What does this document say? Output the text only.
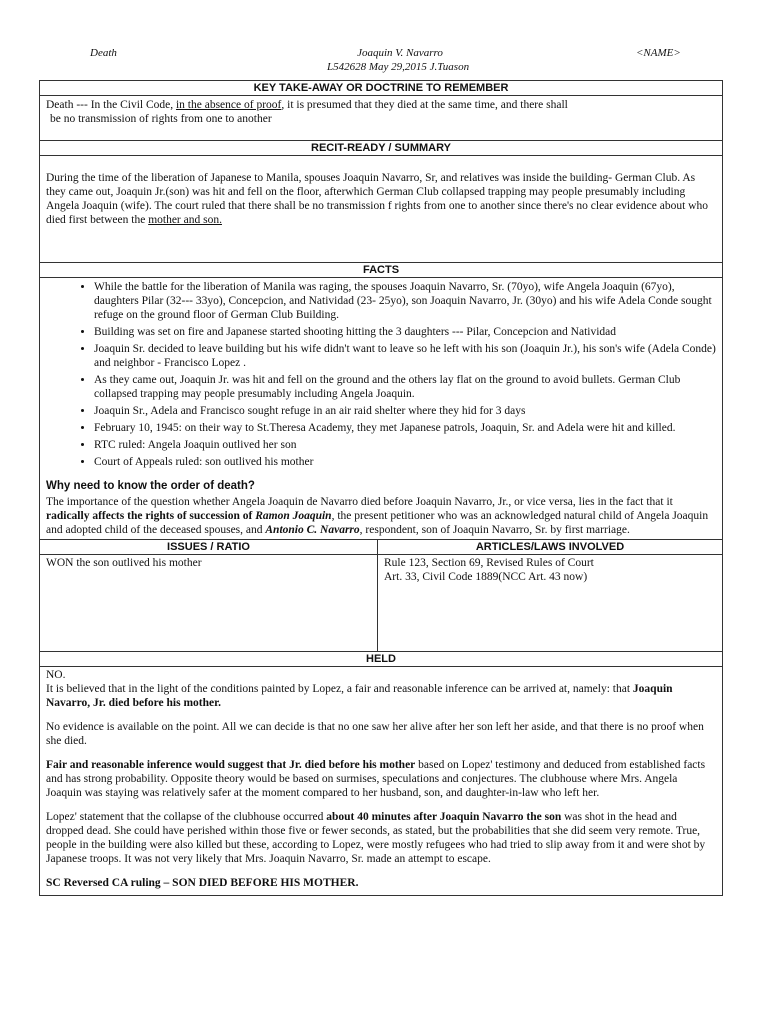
Death	Joaquin V. Navarro	<NAME>
L542628 May 29,2015 J.Tuason
KEY TAKE-AWAY OR DOCTRINE TO REMEMBER

Death --- In the Civil Code, in the absence of proof, it is presumed that they died at the same time, and there shall

be no transmission of rights from one to another

RECIT-READY / SUMMARY

During the time of the liberation of Japanese to Manila, spouses Joaquin Navarro, Sr, and relatives was inside the building- German Club. As they came out, Joaquin Jr.(son) was hit and fell on the floor, afterwhich German Club collapsed trapping may people presumably including Angela Joaquin (wife). The court ruled that there shall be no transmission f rights from one to another since there's no clear evidence about who died first between the mother and son.

FACTS
• While the battle for the liberation of Manila was raging, the spouses Joaquin Navarro, Sr. (70yo), wife Angela Joaquin (67yo), daughters Pilar (32--- 33yo), Concepcion, and Natividad (23- 25yo), son Joaquin Navarro, Jr. (30yo) and his wife Adela Conde sought refuge on the ground floor of German Club Building.
• Building was set on fire and Japanese started shooting hitting the 3 daughters --- Pilar, Concepcion and Natividad
• Joaquin Sr. decided to leave building but his wife didn't want to leave so he left with his son (Joaquin Jr.), his son's wife (Adela Conde) and neighbor - Francisco Lopez .
• As they came out, Joaquin Jr. was hit and fell on the ground and the others lay flat on the ground to avoid bullets. German Club collapsed trapping may people presumably including Angela Joaquin.
• Joaquin Sr., Adela and Francisco sought refuge in an air raid shelter where they hid for 3 days
• February 10, 1945: on their way to St.Theresa Academy, they met Japanese patrols, Joaquin, Sr. and Adela were hit and killed.
• RTC ruled: Angela Joaquin outlived her son
• Court of Appeals ruled: son outlived his mother

Why need to know the order of death?

The importance of the question whether Angela Joaquin de Navarro died before Joaquin Navarro, Jr., or vice versa, lies in the fact that it radically affects the rights of succession of Ramon Joaquin, the present petitioner who was an acknowledged natural child of Angela Joaquin and adopted child of the deceased spouses, and Antonio C. Navarro, respondent, son of Joaquin Navarro, Sr. by first marriage.

ISSUES / RATIO
WON the son outlived his mother
ARTICLES/LAWS INVOLVED
Rule 123, Section 69, Revised Rules of Court
Art. 33, Civil Code 1889(NCC Art. 43 now)
HELD

NO.

It is believed that in the light of the conditions painted by Lopez, a fair and reasonable inference can be arrived at, namely: that Joaquin Navarro, Jr. died before his mother.

No evidence is available on the point. All we can decide is that no one saw her alive after her son left her aside, and that there is no proof when she died.

Fair and reasonable inference would suggest that Jr. died before his mother based on Lopez' testimony and deduced from established facts and has strong probability. Opposite theory would be based on surmises, speculations and conjectures. The clubhouse where Mrs. Angela Joaquin was staying was relatively safer at the moment compared to her husband, son, and daughter-in-law who left her.

Lopez' statement that the collapse of the clubhouse occurred about 40 minutes after Joaquin Navarro the son was shot in the head and dropped dead. She could have perished within those five or fewer seconds, as stated, but the probabilities that she did seem very remote. True, people in the building were also killed but these, according to Lopez, were mostly refugees who had tried to slip away from it and were shot by Japanese troops. It was not very likely that Mrs. Joaquin Navarro, Sr. made an attempt to escape.

SC Reversed CA ruling – SON DIED BEFORE HIS MOTHER.
